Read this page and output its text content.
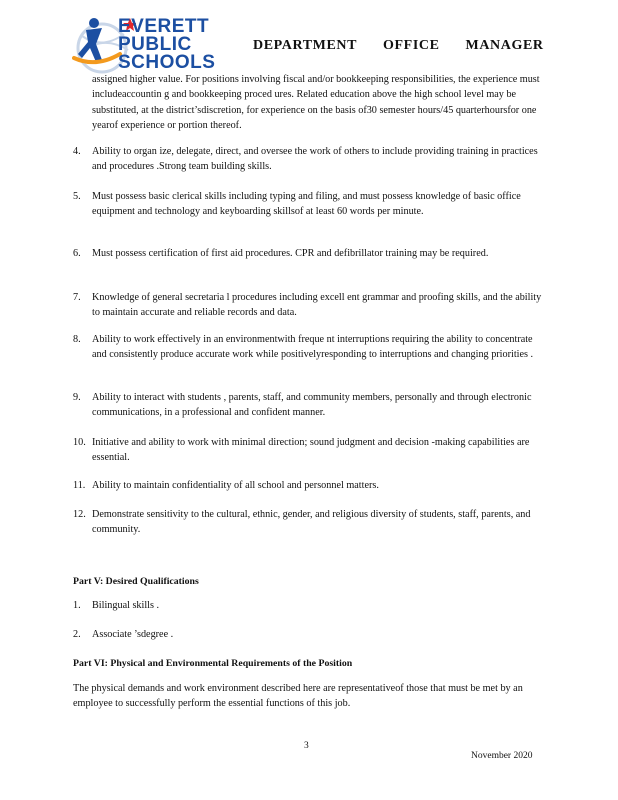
EVERETT
PUBLIC
SCHOOLS
DEPARTMENT OFFICE MANAGER
assigned higher value. For positions involving fiscal and/or bookkeeping responsibilities, the experience must includeaccountin g and bookkeeping proced ures. Related education above the high school level may be substituted, at the district’sdiscretion, for experience on the basis of30 semester hours/45 quarterhoursfor one yearof experience or portion thereof.
4. Ability to organ ize, delegate, direct, and oversee the work of others to include providing training in practices and procedures .Strong team building skills.
5. Must possess basic clerical skills including typing and filing, and must possess knowledge of basic office equipment and technology and keyboarding skillsof at least 60 words per minute.
6. Must possess certification of first aid procedures. CPR and defibrillator training may be required.
7. Knowledge of general secretaria l procedures including excell ent grammar and proofing skills, and the ability to maintain accurate and reliable records and data.
8. Ability to work effectively in an environmentwith freque nt interruptions requiring the ability to concentrate and consistently produce accurate work while positivelyresponding to interruptions and changing priorities .
9. Ability to interact with students , parents, staff, and community members, personally and through electronic communications, in a professional and confident manner.
10. Initiative and ability to work with minimal direction; sound judgment and decision -making capabilities are essential.
11. Ability to maintain confidentiality of all school and personnel matters.
12. Demonstrate sensitivity to the cultural, ethnic, gender, and religious diversity of students, staff, parents, and community.
Part V: Desired Qualifications
1. Bilingual skills .
2. Associate ’sdegree .
Part VI: Physical and Environmental Requirements of the Position
The physical demands and work environment described here are representativeof those that must be met by an employee to successfully perform the essential functions of this job.
3
November 2020
